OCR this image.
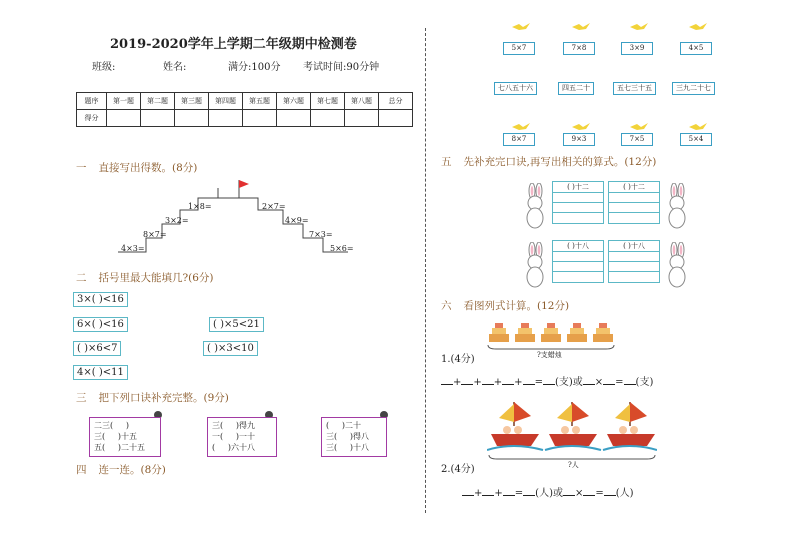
2019-2020学年上学期二年级期中检测卷
班级:	姓名:	满分:100分 考试时间:90分钟
题序	第一题	第二题	第三题	第四题	第五题	第六题	第七题	第八题	总分
得分									
一 直接写出得数。(8分)
1×8=
3×2=
8×7=
4×3=
2×7=
4×9=
7×3=
5×6=
二 括号里最大能填几?(6分)
3×( )<16
6×( )<16	( )×5<21
( )×6<7	( )×3<10
4×( )<11
三 把下列口诀补充完整。(9分)
二三(     )
三(     )十五
五(     )二十五
三(     )得九
一(     )一十
(     )六十八
(     )二十
三(     )得八
三(     )十八
四 连一连。(8分)
5×7	7×8	3×9	4×5
七八五十六	四五二十	五七三十五	三九二十七
8×7	9×3	7×5	5×4
五 先补充完口诀,再写出相关的算式。(12分)
( )十二	( )十二
( )十八	( )十八
六 看图列式计算。(12分)
?支蜡烛
1.(4分)
+ + + + = (支)或 × = (支)
?人
2.(4分)
+ + = (人)或 × = (人)
